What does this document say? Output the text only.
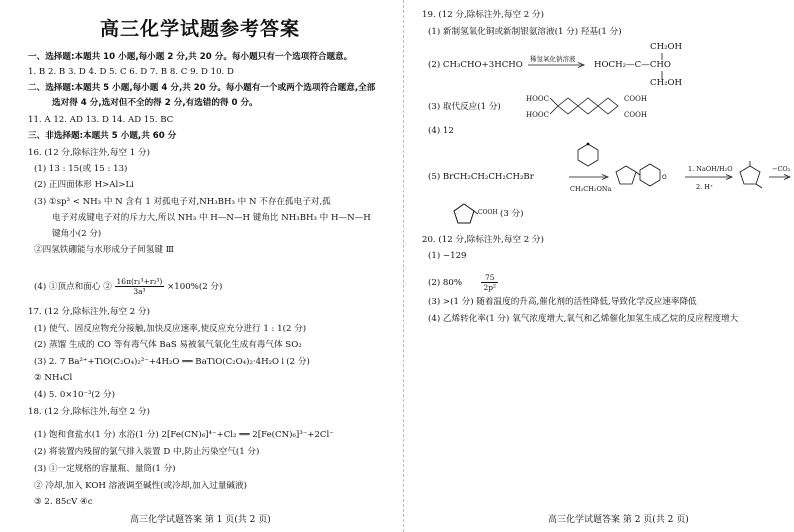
高三化学试题参考答案
一、选择题:本题共 10 小题,每小题 2 分,共 20 分。每小题只有一个选项符合题意。
1. B 2. B 3. D 4. D 5. C 6. D 7. B 8. C 9. D 10. D
二、选择题:本题共 5 小题,每小题 4 分,共 20 分。每小题有一个或两个选项符合题意,全部
选对得 4 分,选对但不全的得 2 分,有选错的得 0 分。
11. A 12. AD 13. D 14. AD 15. BC
三、非选择题:本题共 5 小题,共 60 分
16. (12 分,除标注外,每空 1 分)
(1) 13 : 15(或 15 : 13)
(2) 正四面体形 H>Al>Li
(3) ①sp³ < NH₃ 中 N 含有 1 对孤电子对,NH₃BH₃ 中 N 不存在孤电子对,孤
电子对成键电子对的斥力大,所以 NH₃ 中 H—N—H 键角比 NH₃BH₃ 中 H—N—H
键角小(2 分)
②四氢铁硼能与水形成分子间氢键 Ⅲ
(4) ①顶点和面心 ② $\frac{\text{16π(r₁³+r₂³)}}{\text{3a³}} \times 100\%(2$ 分)
17. (12 分,除标注外,每空 2 分)
(1) 使气、固反应物充分接触,加快反应速率,使反应充分进行 1 : 1(2 分)
(2) 蒸馏 生成的 CO 等有毒气体 BaS 易被氧气氧化生成有毒气体 SO₂
(3) 2. 7 Ba²⁺+TiO(C₂O₄)₂²⁻+4H₂O ══ BaTiO(C₂O₄)₂·4H₂O↓(2 分)
② NH₄Cl
(4) 5. 0×10⁻³(2 分)
18. (12 分,除标注外,每空 2 分)
(1) 饱和食盐水(1 分) 水浴(1 分) 2[Fe(CN)₆]⁴⁻+Cl₂ ══ 2[Fe(CN)₆]³⁻+2Cl⁻
(2) 将装置内残留的氯气排入装置 D 中,防止污染空气(1 分)
(3) ①一定规格的容量瓶、量筒(1 分)
② 冷却,加入 KOH 溶液调至碱性(或冷却,加入过量碱液)
③ 2. 85cV ④c
高三化学试题答案 第 1 页(共 2 页)
19. (12 分,除标注外,每空 2 分)
(1) 新制氢氧化铜或新制银氨溶液(1 分) 羟基(1 分)
(2) CH₃CHO+3HCHO
稀氢氧化钠溶液
CH₂OH
HOCH₂—C—CHO
CH₂OH
(3) 取代反应(1 分)
HOOC
HOOC
COOH
COOH
(4) 12
(5) BrCH₂CH₂CH₂CH₂Br
CH₃CH₂ONa
O
1. NaOH/H₂O
2. H⁺
−CO₂
COOH (3 分)
20. (12 分,除标注外,每空 2 分)
(1) −129
(2) 80%	$\frac{75}{\text{2p²}}$
(3) >(1 分) 随着温度的升高,催化剂的活性降低,导致化学反应速率降低
(4) 乙烯转化率(1 分) 氧气浓度增大,氧气和乙烯催化加氢生成乙烷的反应程度增大
高三化学试题答案 第 2 页(共 2 页)
